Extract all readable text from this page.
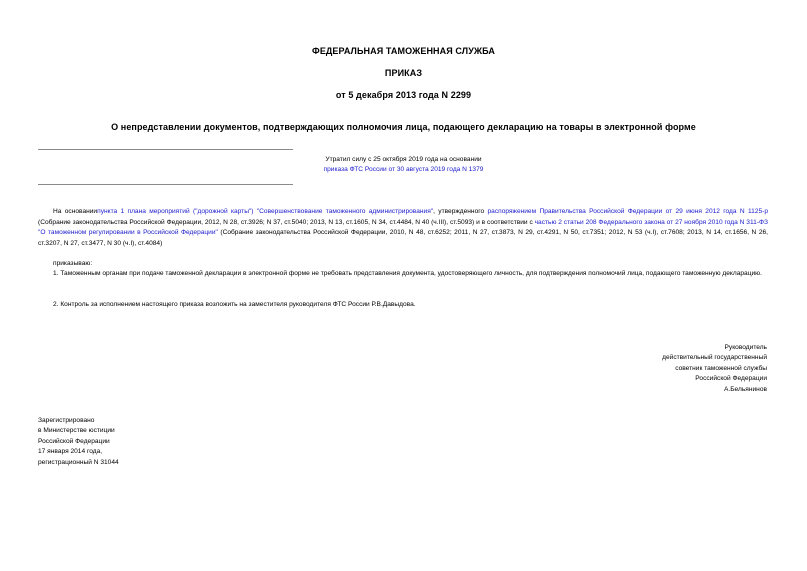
ФЕДЕРАЛЬНАЯ ТАМОЖЕННАЯ СЛУЖБА
ПРИКАЗ
от 5 декабря 2013 года N 2299
О непредставлении документов, подтверждающих полномочия лица, подающего декларацию на товары в электронной форме
Утратил силу с 25 октября 2019 года на основании
приказа ФТС России от 30 августа 2019 года N 1379
На основаниипункта 1 плана мероприятий ("дорожной карты") "Совершенствование таможенного администрирования", утвержденного распоряжением Правительства Российской Федерации от 29 июня 2012 года N 1125-р (Собрание законодательства Российской Федерации, 2012, N 28, ст.3926; N 37, ст.5040; 2013, N 13, ст.1605, N 34, ст.4484, N 40 (ч.III), ст.5093) и в соответствии с частью 2 статьи 208 Федерального закона от 27 ноября 2010 года N 311-ФЗ "О таможенном регулировании в Российской Федерации" (Собрание законодательства Российской Федерации, 2010, N 48, ст.6252; 2011, N 27, ст.3873, N 29, ст.4291, N 50, ст.7351; 2012, N 53 (ч.I), ст.7608; 2013, N 14, ст.1656, N 26, ст.3207, N 27, ст.3477, N 30 (ч.I), ст.4084)
приказываю:
1. Таможенным органам при подаче таможенной декларации в электронной форме не требовать представления документа, удостоверяющего личность, для подтверждения полномочий лица, подающего таможенную декларацию.
2. Контроль за исполнением настоящего приказа возложить на заместителя руководителя ФТС России Р.В.Давыдова.
Руководитель
действительный государственный
советник таможенной службы
Российской Федерации
А.Бельянинов
Зарегистрировано
в Министерстве юстиции
Российской Федерации
17 января 2014 года,
регистрационный N 31044
